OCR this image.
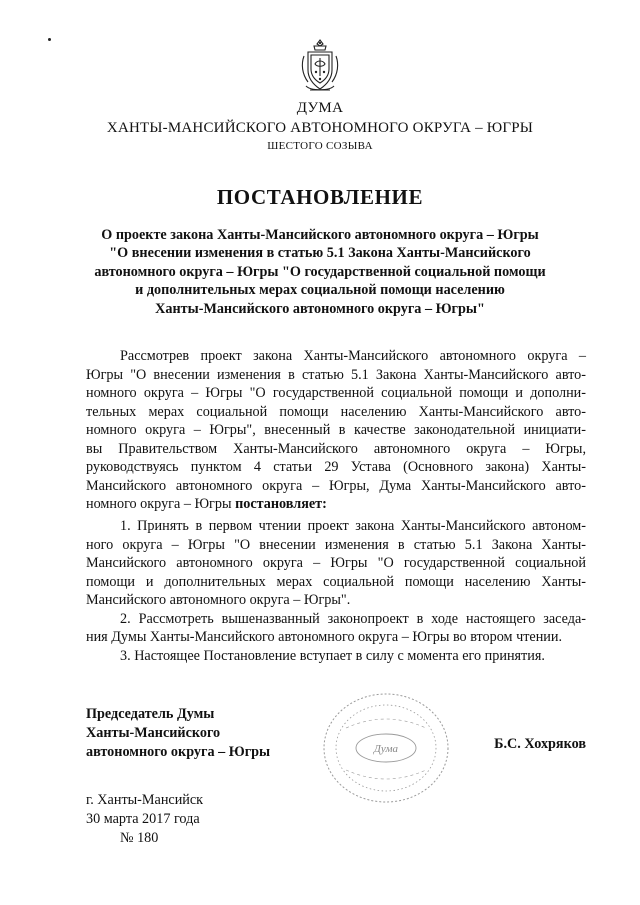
ДУМА
ХАНТЫ-МАНСИЙСКОГО АВТОНОМНОГО ОКРУГА – ЮГРЫ
ШЕСТОГО СОЗЫВА
ПОСТАНОВЛЕНИЕ
О проекте закона Ханты-Мансийского автономного округа – Югры
"О внесении изменения в статью 5.1 Закона Ханты-Мансийского
автономного округа – Югры "О государственной социальной помощи
и дополнительных мерах социальной помощи населению
Ханты-Мансийского автономного округа – Югры"
Рассмотрев проект закона Ханты-Мансийского автономного округа –
Югры "О внесении изменения в статью 5.1 Закона Ханты-Мансийского авто-
номного округа – Югры "О государственной социальной помощи и дополни-
тельных мерах социальной помощи населению Ханты-Мансийского авто-
номного округа – Югры", внесенный в качестве законодательной инициати-
вы Правительством Ханты-Мансийского автономного округа – Югры,
руководствуясь пунктом 4 статьи 29 Устава (Основного закона) Ханты-
Мансийского автономного округа – Югры, Дума Ханты-Мансийского авто-
номного округа – Югры постановляет:
1. Принять в первом чтении проект закона Ханты-Мансийского автоном-
ного округа – Югры "О внесении изменения в статью 5.1 Закона Ханты-
Мансийского автономного округа – Югры "О государственной социальной
помощи и дополнительных мерах социальной помощи населению Ханты-
Мансийского автономного округа – Югры".
2. Рассмотреть вышеназванный законопроект в ходе настоящего заседа-
ния Думы Ханты-Мансийского автономного округа – Югры во втором чтении.
3. Настоящее Постановление вступает в силу с момента его принятия.
Дума
Председатель Думы
Ханты-Мансийского
автономного округа – Югры	Б.С. Хохряков
г. Ханты-Мансийск
30 марта 2017 года
№ 180
